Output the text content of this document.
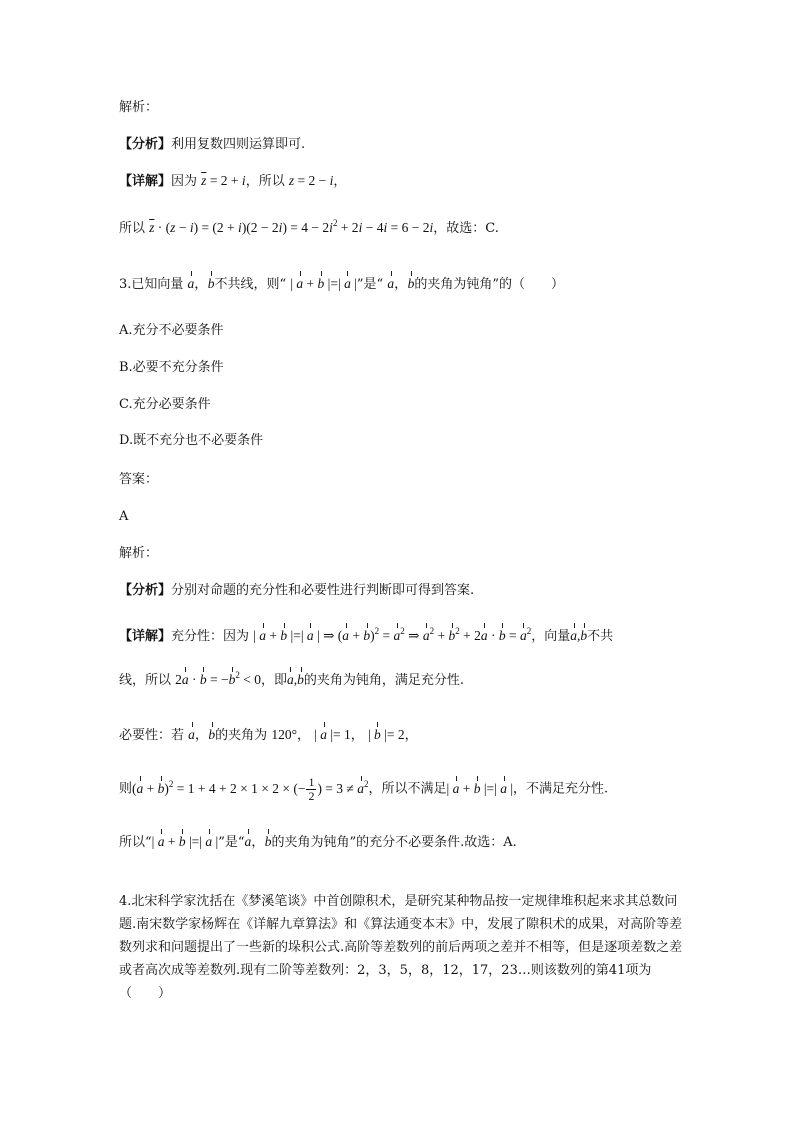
解析：
【分析】利用复数四则运算即可.
【详解】因为 $\overline{z} = 2 + i$，所以 z = 2 − i，
所以 $\overline{z} \cdot (z - i) = (2 + i)(2 - 2i) = 4 - 2i^2 + 2i - 4i = 6 - 2i$，故选：C.
3.已知向量 a，b不共线，则“ | a + b |=| a |”是“ a，b的夹角为钝角”的（　　）
A.充分不必要条件
B.必要不充分条件
C.充分必要条件
D.既不充分也不必要条件
答案：
A
解析：
【分析】分别对命题的充分性和必要性进行判断即可得到答案.
【详解】充分性：因为 | a + b |=| a | ⇒ $(a + b)^2 = a^2$ ⇒ $a^2 + b^2 + 2a \cdot b = a^2$，向量a,b不共
线，所以 $2a \cdot b = -b^2 < 0$，即a,b的夹角为钝角，满足充分性.
必要性：若 a，b的夹角为 120°， | a |= 1， | b |= 2，
则$(a + b)^2 = 1 + 4 + 2 \times 1 \times 2$ × (− $\frac{1}{2}$ ) = $3 \ne a^2$，所以不满足| a + b |=| a |，不满足充分性.
所以“| a + b |=| a |”是“a，b的夹角为钝角”的充分不必要条件.故选：A.
4.北宋科学家沈括在《梦溪笔谈》中首创隙积术，是研究某种物品按一定规律堆积起来求其总数问题.南宋数学家杨辉在《详解九章算法》和《算法通变本末》中，发展了隙积术的成果，对高阶等差数列求和问题提出了一些新的垛积公式.高阶等差数列的前后两项之差并不相等，但是逐项差数之差或者高次成等差数列.现有二阶等差数列：2，3，5，8，12，17，23…则该数列的第41项为（　　）
